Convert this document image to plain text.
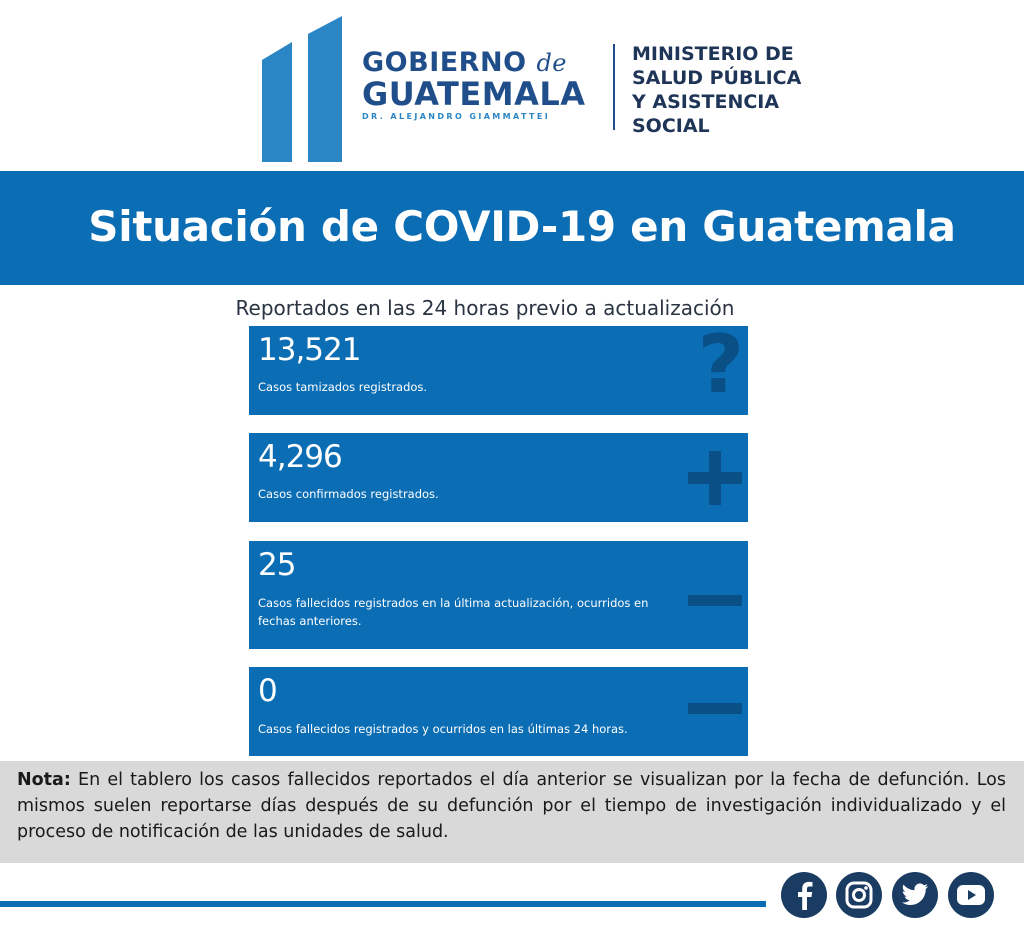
GOBIERNO de
GUATEMALA
DR. ALEJANDRO GIAMMATTEI
MINISTERIO DE
SALUD PÚBLICA
Y ASISTENCIA
SOCIAL
Situación de COVID-19 en Guatemala
Reportados en las 24 horas previo a actualización
?
13,521
Casos tamizados registrados.
4,296
Casos confirmados registrados.
25
Casos fallecidos registrados en la última actualización, ocurridos en
fechas anteriores.
0
Casos fallecidos registrados y ocurridos en las últimas 24 horas.
Nota: En el tablero los casos fallecidos reportados el día anterior se visualizan por la fecha de defunción. Los mismos suelen reportarse días después de su defunción por el tiempo de investigación individualizado y el proceso de notificación de las unidades de salud.
